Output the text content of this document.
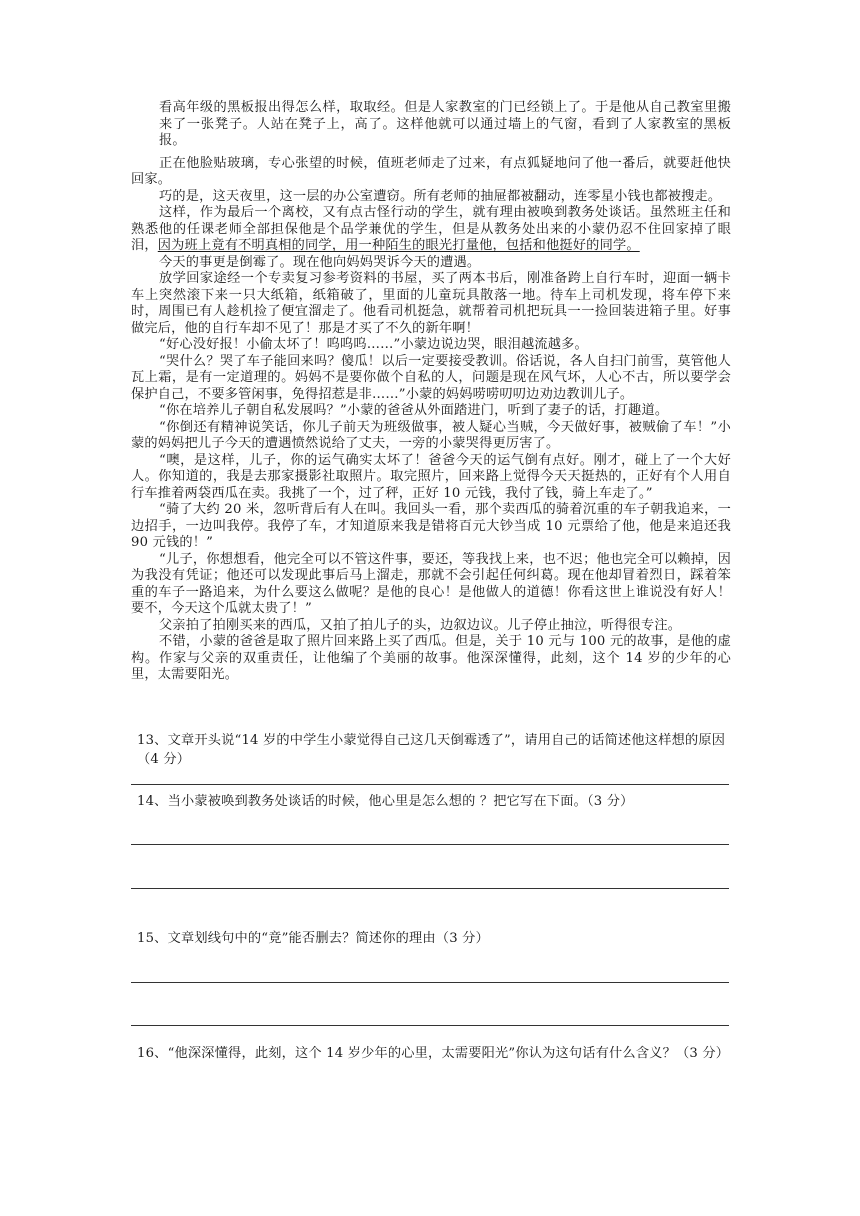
看高年级的黑板报出得怎么样，取取经。但是人家教室的门已经锁上了。于是他从自己教室里搬来了一张凳子。人站在凳子上，高了。这样他就可以通过墙上的气窗，看到了人家教室的黑板报。

正在他脸贴玻璃，专心张望的时候，值班老师走了过来，有点狐疑地问了他一番后，就要赶他快回家。

巧的是，这天夜里，这一层的办公室遭窃。所有老师的抽屉都被翻动，连零星小钱也都被搜走。

这样，作为最后一个离校，又有点古怪行动的学生，就有理由被唤到教务处谈话。虽然班主任和熟悉他的任课老师全部担保他是个品学兼优的学生，但是从教务处出来的小蒙仍忍不住回家掉了眼泪，因为班上竟有不明真相的同学，用一种陌生的眼光打量他，包括和他挺好的同学。

今天的事更是倒霉了。现在他向妈妈哭诉今天的遭遇。

放学回家途经一个专卖复习参考资料的书屋，买了两本书后，刚准备跨上自行车时，迎面一辆卡车上突然滚下来一只大纸箱，纸箱破了，里面的儿童玩具散落一地。待车上司机发现，将车停下来时，周围已有人趁机捡了便宜溜走了。他看司机挺急，就帮着司机把玩具一一捡回装进箱子里。好事做完后，他的自行车却不见了！那是才买了不久的新年啊！

“好心没好报！小偷太坏了！呜呜呜……”小蒙边说边哭，眼泪越流越多。

“哭什么？哭了车子能回来吗？傻瓜！以后一定要接受教训。俗话说，各人自扫门前雪，莫管他人瓦上霜，是有一定道理的。妈妈不是要你做个自私的人，问题是现在风气坏，人心不古，所以要学会保护自己，不要多管闲事，免得招惹是非……”小蒙的妈妈唠唠叨叨边劝边教训儿子。

“你在培养儿子朝自私发展吗？”小蒙的爸爸从外面踏进门，听到了妻子的话，打趣道。

“你倒还有精神说笑话，你儿子前天为班级做事，被人疑心当贼，今天做好事，被贼偷了车！”小蒙的妈妈把儿子今天的遭遇愤然说给了丈夫，一旁的小蒙哭得更厉害了。

“噢，是这样，儿子，你的运气确实太坏了！爸爸今天的运气倒有点好。刚才，碰上了一个大好人。你知道的，我是去那家摄影社取照片。取完照片，回来路上觉得今天天挺热的，正好有个人用自行车推着两袋西瓜在卖。我挑了一个，过了秤，正好 10 元钱，我付了钱，骑上车走了。”

“骑了大约 20 米，忽听背后有人在叫。我回头一看，那个卖西瓜的骑着沉重的车子朝我追来，一边招手，一边叫我停。我停了车，才知道原来我是错将百元大钞当成 10 元票给了他，他是来追还我 90 元钱的！”

“儿子，你想想看，他完全可以不管这件事，要还，等我找上来，也不迟；他也完全可以赖掉，因为我没有凭证；他还可以发现此事后马上溜走，那就不会引起任何纠葛。现在他却冒着烈日，踩着笨重的车子一路追来，为什么要这么做呢？是他的良心！是他做人的道德！你看这世上谁说没有好人！要不，今天这个瓜就太贵了！”

父亲拍了拍刚买来的西瓜，又拍了拍儿子的头，边叙边议。儿子停止抽泣，听得很专注。

不错，小蒙的爸爸是取了照片回来路上买了西瓜。但是，关于 10 元与 100 元的故事，是他的虚构。作家与父亲的双重责任，让他编了个美丽的故事。他深深懂得，此刻，这个 14 岁的少年的心里，太需要阳光。

13、文章开头说“14 岁的中学生小蒙觉得自己这几天倒霉透了”，请用自己的话简述他这样想的原因（4 分）
14、当小蒙被唤到教务处谈话的时候，他心里是怎么想的 ？把它写在下面。（3 分）
15、文章划线句中的“竟”能否删去？简述你的理由（3 分）
16、“他深深懂得，此刻，这个 14 岁少年的心里，太需要阳光”你认为这句话有什么含义？（3 分）
